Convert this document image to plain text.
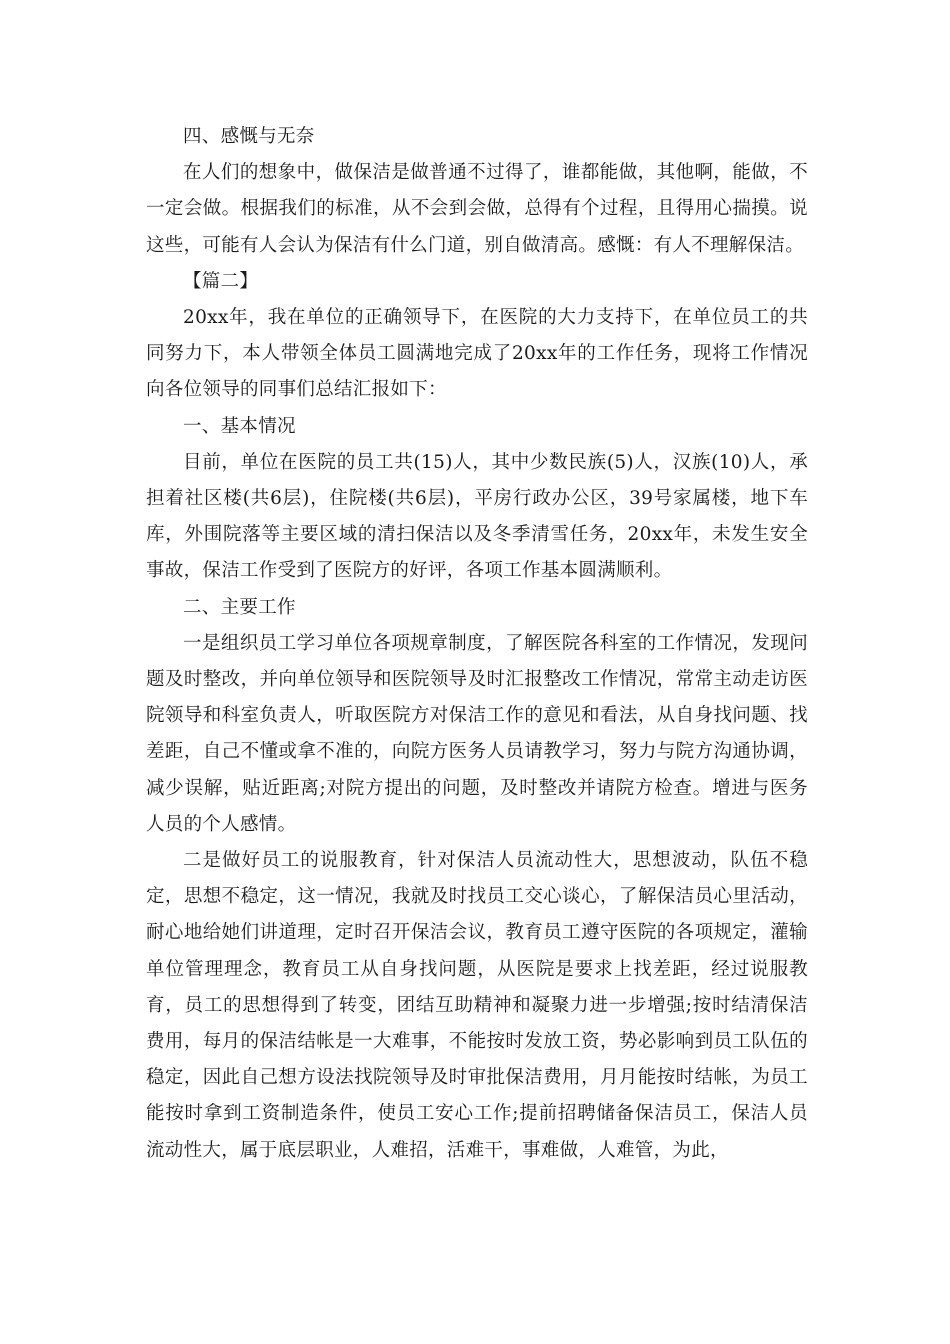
四、感慨与无奈

在人们的想象中，做保洁是做普通不过得了，谁都能做，其他啊，能做，不一定会做。根据我们的标准，从不会到会做，总得有个过程，且得用心揣摸。说这些，可能有人会认为保洁有什么门道，别自做清高。感慨：有人不理解保洁。

【篇二】

20xx年，我在单位的正确领导下，在医院的大力支持下，在单位员工的共同努力下，本人带领全体员工圆满地完成了20xx年的工作任务，现将工作情况向各位领导的同事们总结汇报如下：

一、基本情况

目前，单位在医院的员工共(15)人，其中少数民族(5)人，汉族(10)人，承担着社区楼(共6层)，住院楼(共6层)，平房行政办公区，39号家属楼，地下车库，外围院落等主要区域的清扫保洁以及冬季清雪任务，20xx年，未发生安全事故，保洁工作受到了医院方的好评，各项工作基本圆满顺利。

二、主要工作

一是组织员工学习单位各项规章制度，了解医院各科室的工作情况，发现问题及时整改，并向单位领导和医院领导及时汇报整改工作情况，常常主动走访医院领导和科室负责人，听取医院方对保洁工作的意见和看法，从自身找问题、找差距，自己不懂或拿不准的，向院方医务人员请教学习，努力与院方沟通协调，减少误解，贴近距离;对院方提出的问题，及时整改并请院方检查。增进与医务人员的个人感情。

二是做好员工的说服教育，针对保洁人员流动性大，思想波动，队伍不稳定，思想不稳定，这一情况，我就及时找员工交心谈心，了解保洁员心里活动，耐心地给她们讲道理，定时召开保洁会议，教育员工遵守医院的各项规定，灌输单位管理理念，教育员工从自身找问题，从医院是要求上找差距，经过说服教育，员工的思想得到了转变，团结互助精神和凝聚力进一步增强;按时结清保洁费用，每月的保洁结帐是一大难事，不能按时发放工资，势必影响到员工队伍的稳定，因此自己想方设法找院领导及时审批保洁费用，月月能按时结帐，为员工能按时拿到工资制造条件，使员工安心工作;提前招聘储备保洁员工，保洁人员流动性大，属于底层职业，人难招，活难干，事难做，人难管，为此，
